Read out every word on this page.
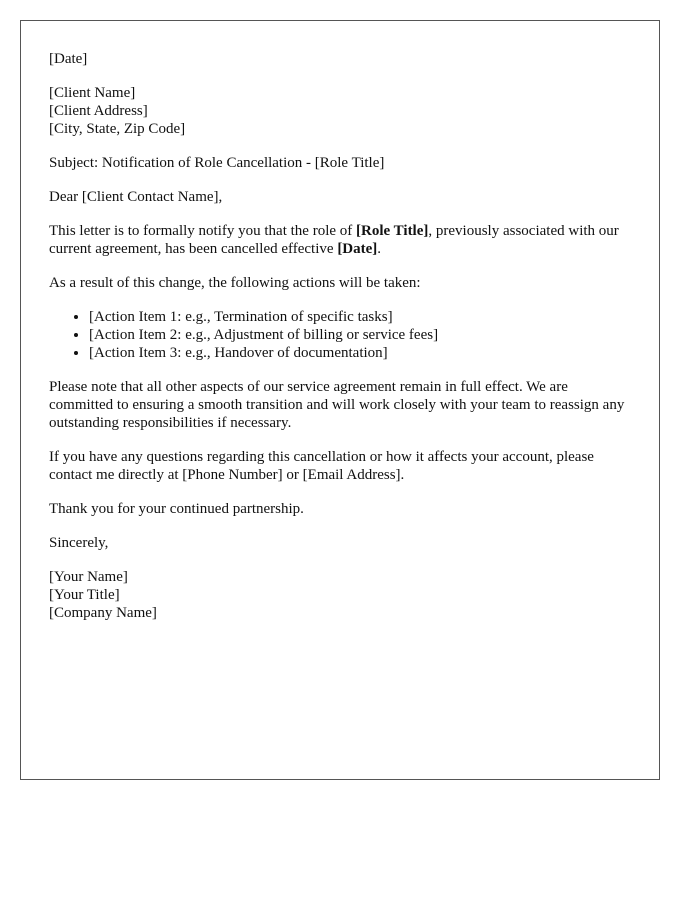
[Date]

[Client Name]

[Client Address]

[City, State, Zip Code]

Subject: Notification of Role Cancellation - [Role Title]

Dear [Client Contact Name],

This letter is to formally notify you that the role of [Role Title], previously associated with our current agreement, has been cancelled effective [Date].

As a result of this change, the following actions will be taken:

• [Action Item 1: e.g., Termination of specific tasks]
• [Action Item 2: e.g., Adjustment of billing or service fees]
• [Action Item 3: e.g., Handover of documentation]

Please note that all other aspects of our service agreement remain in full effect. We are committed to ensuring a smooth transition and will work closely with your team to reassign any outstanding responsibilities if necessary.

If you have any questions regarding this cancellation or how it affects your account, please contact me directly at [Phone Number] or [Email Address].

Thank you for your continued partnership.

Sincerely,

[Your Name]

[Your Title]

[Company Name]
